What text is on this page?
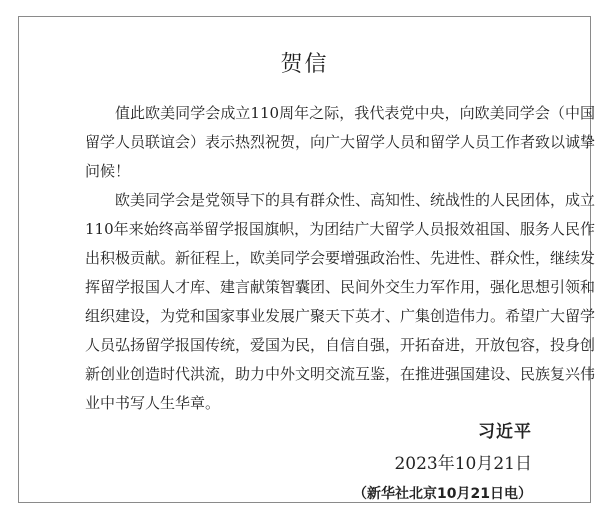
贺信

值此欧美同学会成立110周年之际，我代表党中央，向欧美同学会（中国留学人员联谊会）表示热烈祝贺，向广大留学人员和留学人员工作者致以诚挚问候！

欧美同学会是党领导下的具有群众性、高知性、统战性的人民团体，成立110年来始终高举留学报国旗帜，为团结广大留学人员报效祖国、服务人民作出积极贡献。新征程上，欧美同学会要增强政治性、先进性、群众性，继续发挥留学报国人才库、建言献策智囊团、民间外交生力军作用，强化思想引领和组织建设，为党和国家事业发展广聚天下英才、广集创造伟力。希望广大留学人员弘扬留学报国传统，爱国为民，自信自强，开拓奋进，开放包容，投身创新创业创造时代洪流，助力中外文明交流互鉴，在推进强国建设、民族复兴伟业中书写人生华章。

习近平
2023年10月21日
（新华社北京10月21日电）
